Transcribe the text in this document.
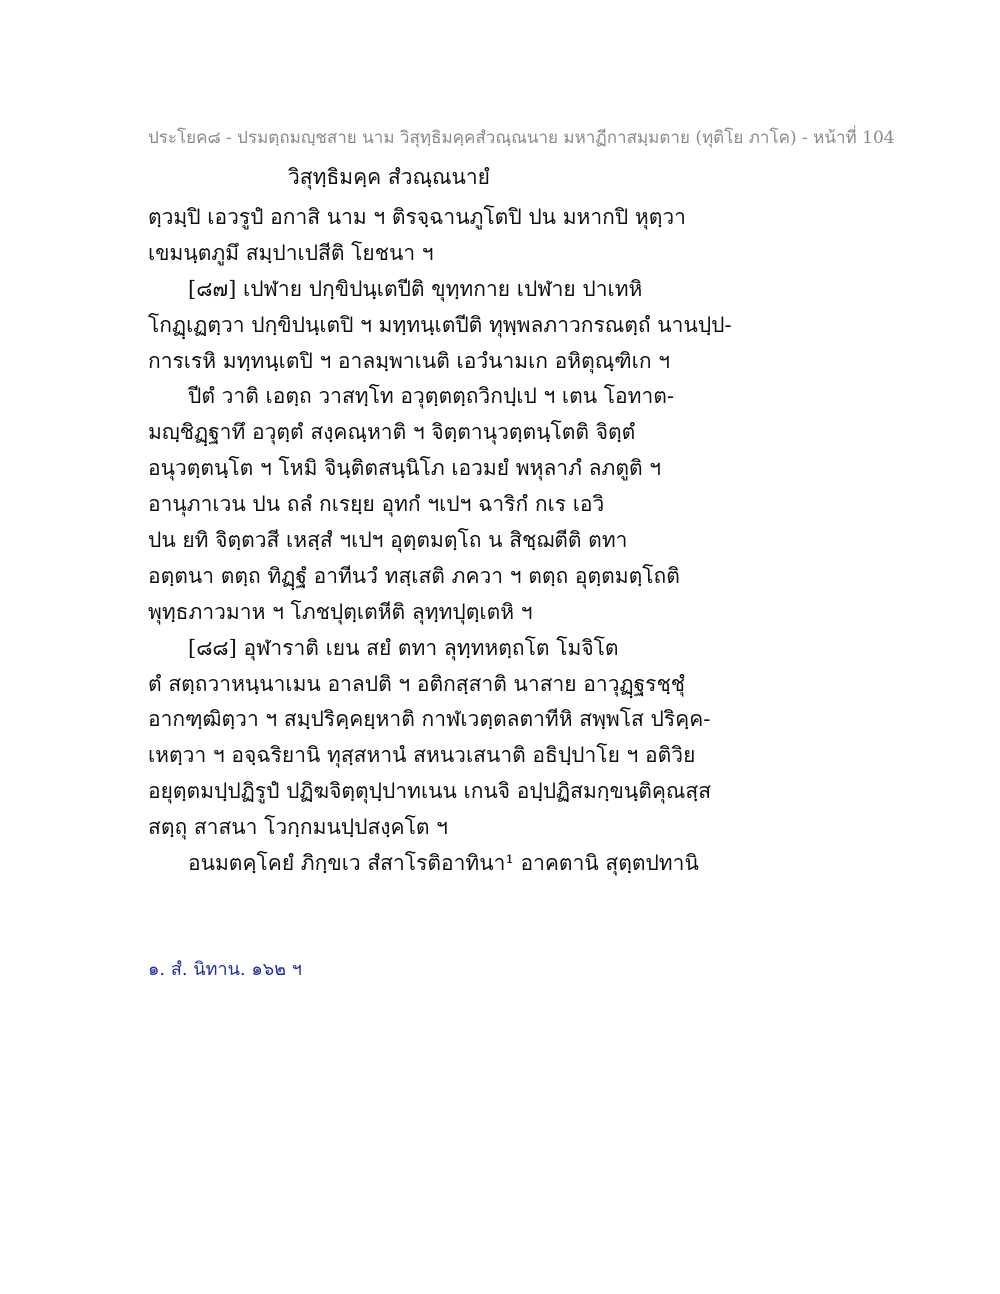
ประโยค๘ - ปรมตฺถมญฺชสาย นาม วิสุทฺธิมคฺคสํวณฺณนาย มหาฏีกาสมฺมตาย (ทุติโย ภาโค) - หน้าที่ 104
วิสุทฺธิมคฺค สํวณฺณนายํ
ตฺวมฺปิ เอวรูปํ อกาสิ นาม ฯ ติรจฺฉานภูโตปิ ปน มหากปิ หุตฺวา
เขมนฺตภูมึ สมฺปาเปสีติ โยชนา ฯ
[๘๗] เปฬาย ปกฺขิปนฺเตปีติ ขุทฺทกาย เปฬาย ปาเทหิ
โกฏฺเฏตฺวา ปกฺขิปนฺเตปิ ฯ มทฺทนฺเตปีติ ทุพฺพลภาวกรณตฺถํ นานปฺป-
การเรหิ มทฺทนฺเตปิ ฯ อาลมฺพาเนติ เอวํนามเก อหิตุณฺฑิเก ฯ
ปีตํ วาติ เอตฺถ วาสทฺโท อวุตฺตตฺถวิกปฺเป ฯ เตน โอทาต-
มญฺชิฏฺฐาทึ อวุตฺตํ สงฺคณฺหาติ ฯ จิตฺตานุวตฺตนฺโตติ จิตฺตํ
อนุวตฺตนฺโต ฯ โหมิ จินฺติตสนฺนิโภ เอวมยํ พหุลาภํ ลภตูติ ฯ
อานุภาเวน ปน ถลํ กเรยฺย อุทกํ ฯเปฯ ฉาริกํ กเร เอวิ
ปน ยทิ จิตฺตวสี เหสฺสํ ฯเปฯ อุตฺตมตฺโถ น สิชฺฌตีติ ตทา
อตฺตนา ตตฺถ ทิฏฺฐํ อาทีนวํ ทสฺเสติ ภควา ฯ ตตฺถ อุตฺตมตฺโถติ
พุทฺธภาวมาห ฯ โภชปุตฺเตหีติ ลุทฺทปุตฺเตหิ ฯ
[๘๘] อุฬาราติ เยน สยํ ตทา ลุทฺทหตฺถโต โมจิโต
ตํ สตฺถวาหนฺนาเมน อาลปติ ฯ อติกสฺสาติ นาสาย อาวุฏฺฐรชฺชุํ
อากฑฺฒิตฺวา ฯ สมฺปริคฺคยฺหาติ กาฬเวตฺตลตาทีหิ สพฺพโส ปริคฺค-
เหตฺวา ฯ อจฺฉริยานิ ทุสฺสหานํ สหนวเสนาติ อธิปฺปาโย ฯ อติวิย
อยุตฺตมปฺปฏิรูปํ ปฏิฆจิตฺตุปฺปาทเนน เกนจิ อปฺปฏิสมกฺขนฺติคุณสฺส
สตฺถุ สาสนา โวกฺกมนปฺปสงฺคโต ฯ
อนมตคฺโคยํ ภิกฺขเว สํสาโรติอาทินา¹ อาคตานิ สุตฺตปทานิ
๑. สํ. นิทาน. ๑๖๒ ฯ
